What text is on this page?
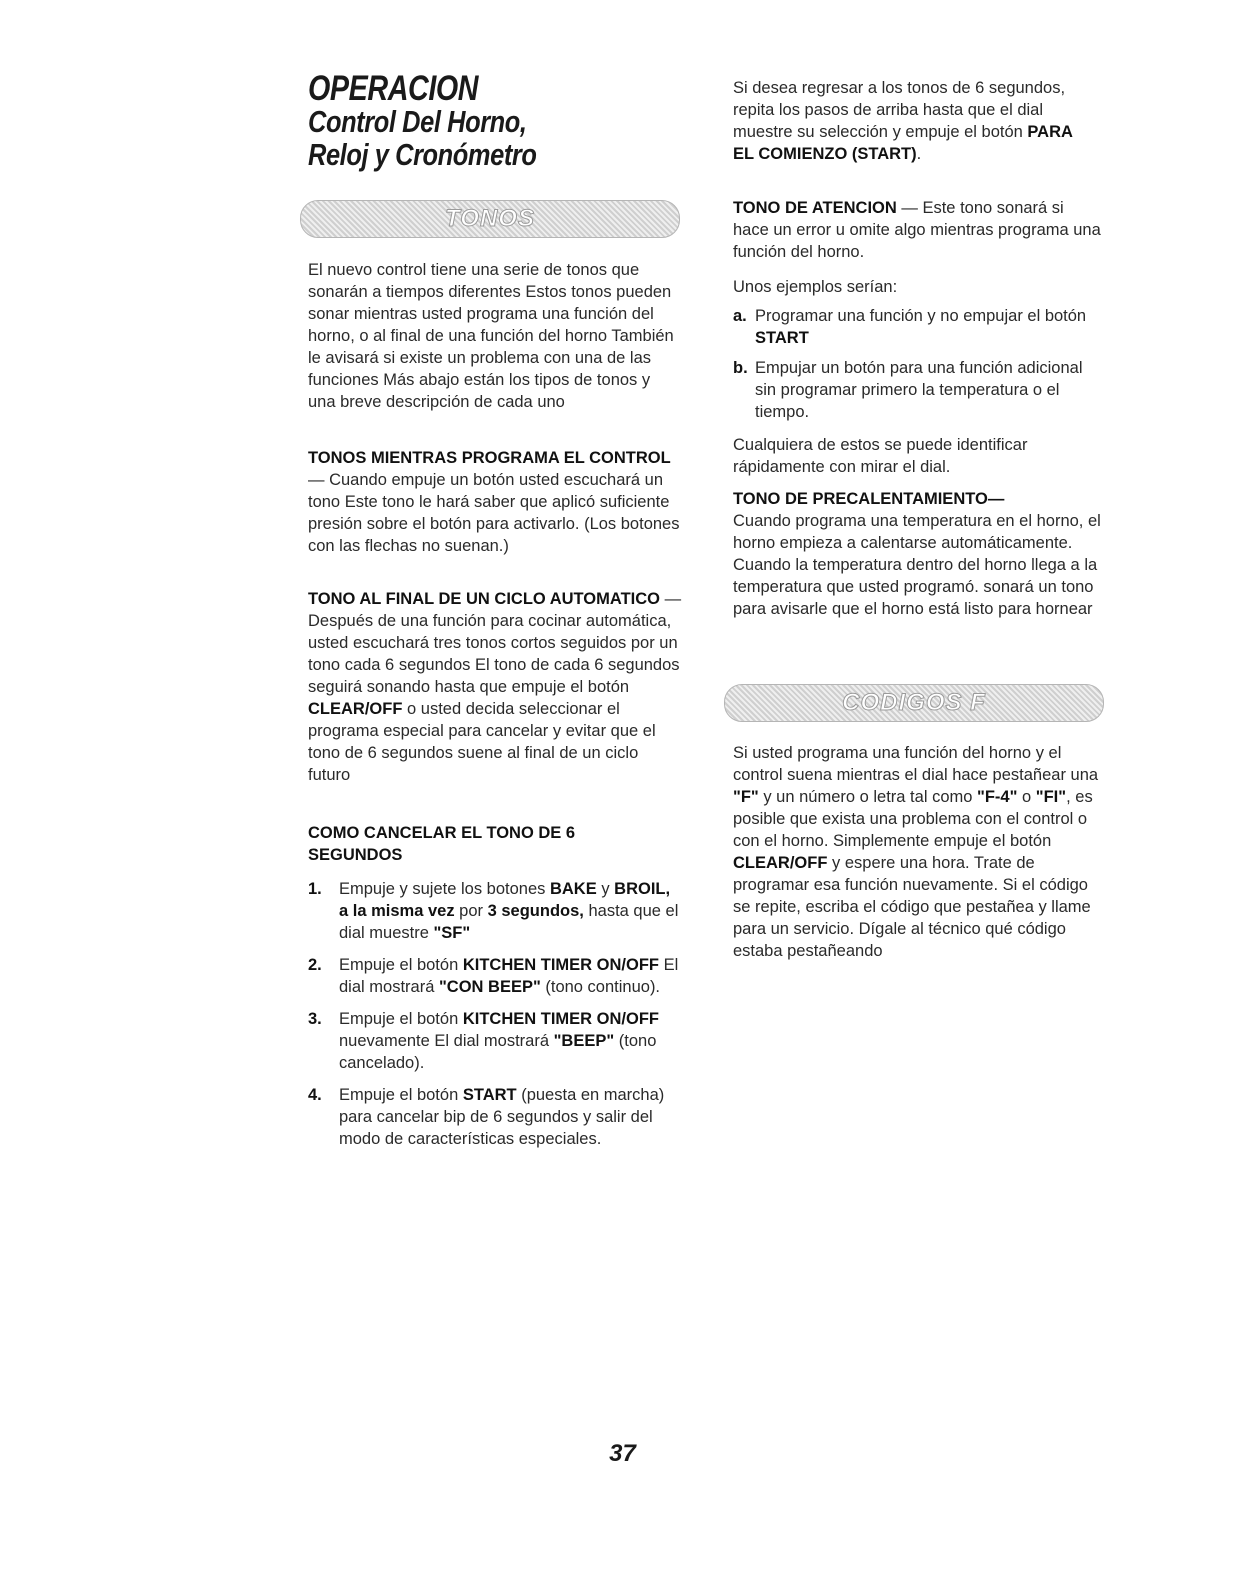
OPERACION
Control Del Horno,
Reloj y Cronómetro
TONOS
El nuevo control tiene una serie de tonos que sonarán a tiempos diferentes Estos tonos pueden sonar mientras usted programa una función del horno, o al final de una función del horno También le avisará si existe un problema con una de las funciones Más abajo están los tipos de tonos y una breve descripción de cada uno
TONOS MIENTRAS PROGRAMA EL CONTROL — Cuando empuje un botón usted escuchará un tono Este tono le hará saber que aplicó suficiente presión sobre el botón para activarlo. (Los botones con las flechas no suenan.)
TONO AL FINAL DE UN CICLO AUTOMATICO — Después de una función para cocinar automática, usted escuchará tres tonos cortos seguidos por un tono cada 6 segundos El tono de cada 6 segundos seguirá sonando hasta que empuje el botón CLEAR/OFF o usted decida seleccionar el programa especial para cancelar y evitar que el tono de 6 segundos suene al final de un ciclo futuro
COMO CANCELAR EL TONO DE 6 SEGUNDOS
1.	Empuje y sujete los botones BAKE y BROIL, a la misma vez por 3 segundos, hasta que el dial muestre "SF"
2.	Empuje el botón KITCHEN TIMER ON/OFF El dial mostrará "CON BEEP" (tono continuo).
3.	Empuje el botón KITCHEN TIMER ON/OFF nuevamente El dial mostrará "BEEP" (tono cancelado).
4.	Empuje el botón START (puesta en marcha) para cancelar bip de 6 segundos y salir del modo de características especiales.
Si desea regresar a los tonos de 6 segundos, repita los pasos de arriba hasta que el dial muestre su selección y empuje el botón PARA EL COMIENZO (START).
TONO DE ATENCION — Este tono sonará si hace un error u omite algo mientras programa una función del horno.
Unos ejemplos serían:
a. Programar una función y no empujar el botón START
b. Empujar un botón para una función adicional sin programar primero la temperatura o el tiempo.
Cualquiera de estos se puede identificar rápidamente con mirar el dial.
TONO DE PRECALENTAMIENTO—
Cuando programa una temperatura en el horno, el horno empieza a calentarse automáticamente. Cuando la temperatura dentro del horno llega a la temperatura que usted programó. sonará un tono para avisarle que el horno está listo para hornear
CODIGOS F
Si usted programa una función del horno y el control suena mientras el dial hace pestañear una "F" y un número o letra tal como "F-4" o "FI", es posible que exista una problema con el control o con el horno. Simplemente empuje el botón CLEAR/OFF y espere una hora. Trate de programar esa función nuevamente. Si el código se repite, escriba el código que pestañea y llame para un servicio. Dígale al técnico qué código estaba pestañeando
37
